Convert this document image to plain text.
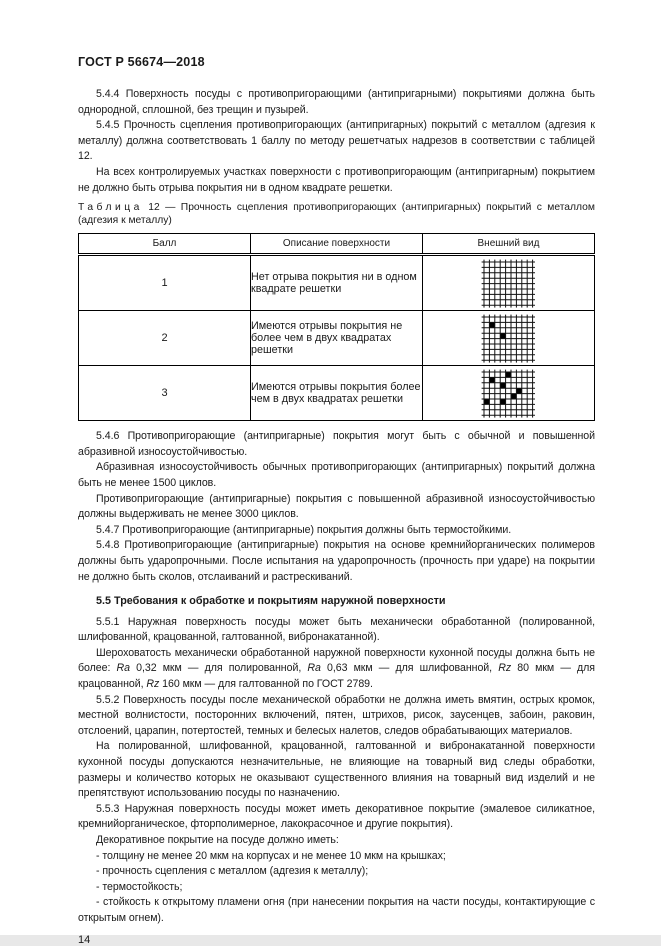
ГОСТ Р 56674—2018

5.4.4 Поверхность посуды с противопригорающими (антипригарными) покрытиями должна быть однородной, сплошной, без трещин и пузырей.

5.4.5 Прочность сцепления противопригорающих (антипригарных) покрытий с металлом (адгезия к металлу) должна соответствовать 1 баллу по методу решетчатых надрезов в соответствии с таблицей 12.

На всех контролируемых участках поверхности с противопригорающим (антипригарным) покрытием не должно быть отрыва покрытия ни в одном квадрате решетки.

Таблица 12 — Прочность сцепления противопригорающих (антипригарных) покрытий с металлом (адгезия к металлу)
Балл	Описание поверхности	Внешний вид
1	Нет отрыва покрытия ни в одном квадрате решетки	

2	Имеются отрывы покрытия не более чем в двух квадратах решетки	

3	Имеются отрывы покрытия более чем в двух квадратах решетки	

5.4.6 Противопригорающие (антипригарные) покрытия могут быть с обычной и повышенной абразивной износоустойчивостью.

Абразивная износоустойчивость обычных противопригорающих (антипригарных) покрытий должна быть не менее 1500 циклов.

Противопригорающие (антипригарные) покрытия с повышенной абразивной износоустойчивостью должны выдерживать не менее 3000 циклов.

5.4.7 Противопригорающие (антипригарные) покрытия должны быть термостойкими.

5.4.8 Противопригорающие (антипригарные) покрытия на основе кремнийорганических полимеров должны быть ударопрочными. После испытания на ударопрочность (прочность при ударе) на покрытии не должно быть сколов, отслаиваний и растрескиваний.

5.5 Требования к обработке и покрытиям наружной поверхности

5.5.1 Наружная поверхность посуды может быть механически обработанной (полированной, шлифованной, крацованной, галтованной, вибронакатанной).

Шероховатость механически обработанной наружной поверхности кухонной посуды должна быть не более: Ra 0,32 мкм — для полированной, Ra 0,63 мкм — для шлифованной, Rz 80 мкм — для крацованной, Rz 160 мкм — для галтованной по ГОСТ 2789.

5.5.2 Поверхность посуды после механической обработки не должна иметь вмятин, острых кромок, местной волнистости, посторонних включений, пятен, штрихов, рисок, заусенцев, забоин, раковин, отслоений, царапин, потертостей, темных и белесых налетов, следов обрабатывающих материалов.

На полированной, шлифованной, крацованной, галтованной и вибронакатанной поверхности кухонной посуды допускаются незначительные, не влияющие на товарный вид следы обработки, размеры и количество которых не оказывают существенного влияния на товарный вид изделий и не препятствуют использованию посуды по назначению.

5.5.3 Наружная поверхность посуды может иметь декоративное покрытие (эмалевое силикатное, кремнийорганическое, фторполимерное, лакокрасочное и другие покрытия).

Декоративное покрытие на посуде должно иметь:

- толщину не менее 20 мкм на корпусах и не менее 10 мкм на крышках;

- прочность сцепления с металлом (адгезия к металлу);

- термостойкость;

- стойкость к открытому пламени огня (при нанесении покрытия на части посуды, контактирующие с открытым огнем).

14
